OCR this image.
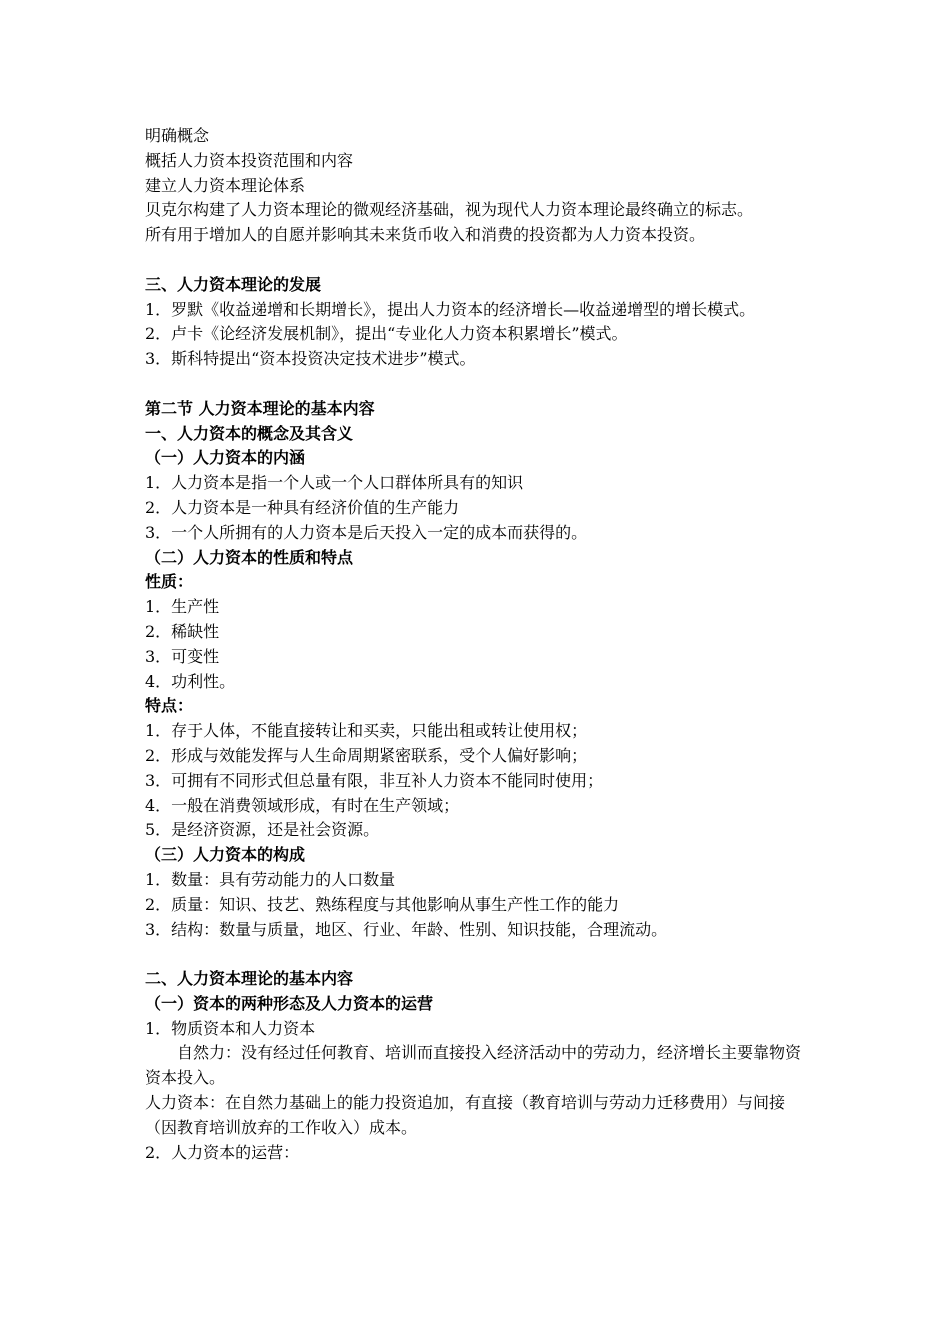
明确概念

概括人力资本投资范围和内容

建立人力资本理论体系

贝克尔构建了人力资本理论的微观经济基础，视为现代人力资本理论最终确立的标志。

所有用于增加人的自愿并影响其未来货币收入和消费的投资都为人力资本投资。

三、人力资本理论的发展

1．罗默《收益递增和长期增长》，提出人力资本的经济增长—收益递增型的增长模式。

2．卢卡《论经济发展机制》，提出“专业化人力资本积累增长”模式。

3．斯科特提出“资本投资决定技术进步”模式。

第二节 人力资本理论的基本内容

一、人力资本的概念及其含义

（一）人力资本的内涵

1．人力资本是指一个人或一个人口群体所具有的知识

2．人力资本是一种具有经济价值的生产能力

3．一个人所拥有的人力资本是后天投入一定的成本而获得的。

（二）人力资本的性质和特点

性质：

1．生产性

2．稀缺性

3．可变性

4．功利性。

特点：

1．存于人体，不能直接转让和买卖，只能出租或转让使用权；

2．形成与效能发挥与人生命周期紧密联系，受个人偏好影响；

3．可拥有不同形式但总量有限，非互补人力资本不能同时使用；

4．一般在消费领域形成，有时在生产领域；

5．是经济资源，还是社会资源。

（三）人力资本的构成

1．数量：具有劳动能力的人口数量

2．质量：知识、技艺、熟练程度与其他影响从事生产性工作的能力

3．结构：数量与质量，地区、行业、年龄、性别、知识技能，合理流动。

二、人力资本理论的基本内容

（一）资本的两种形态及人力资本的运营

1．物质资本和人力资本

自然力：没有经过任何教育、培训而直接投入经济活动中的劳动力，经济增长主要靠物资资本投入。

人力资本：在自然力基础上的能力投资追加，有直接（教育培训与劳动力迁移费用）与间接（因教育培训放弃的工作收入）成本。

2．人力资本的运营：
